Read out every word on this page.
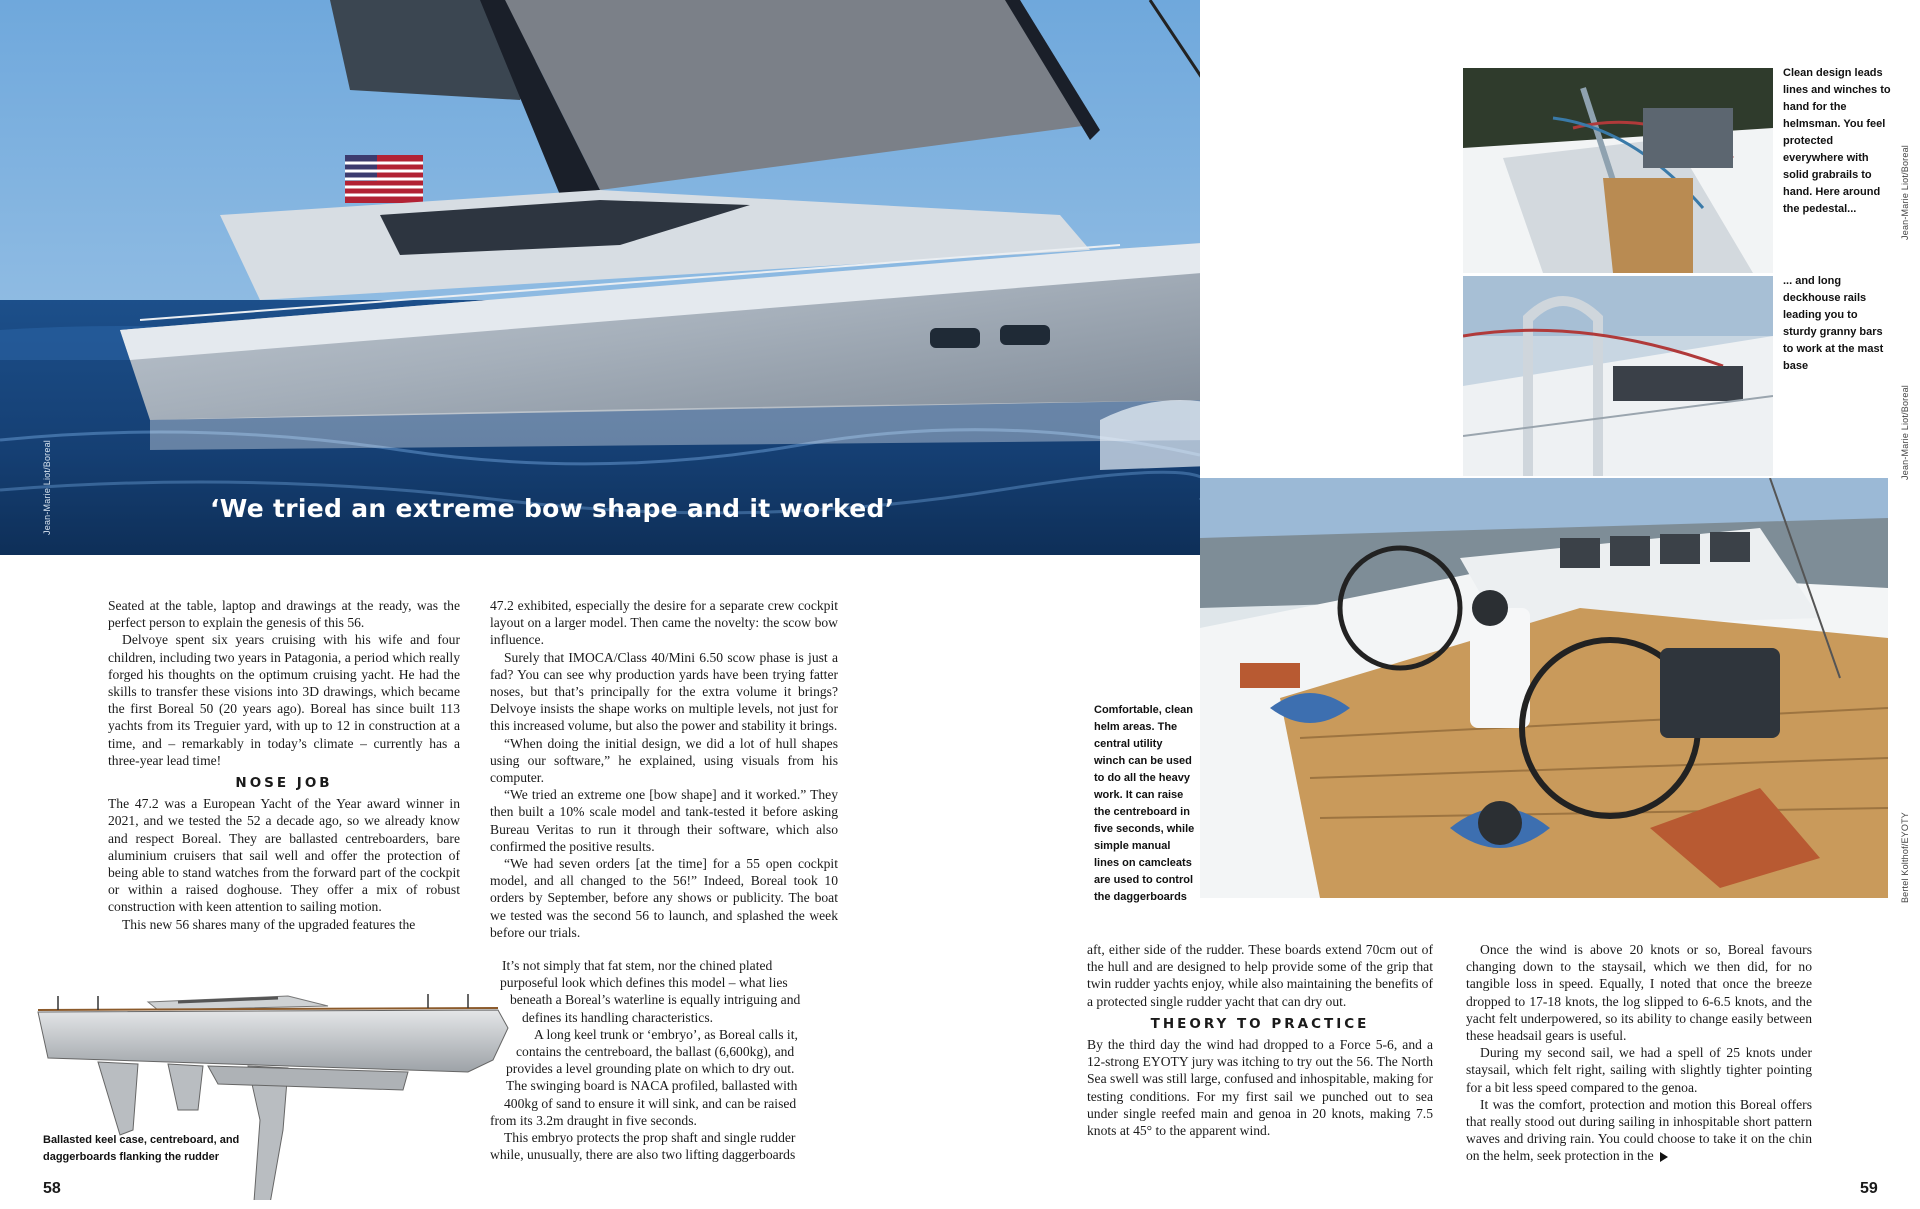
Jean-Marie Liot/Boreal	‘We tried an extreme bow shape and it worked’
Clean design leads lines and winches to hand for the helmsman. You feel protected everywhere with solid grabrails to hand. Here around the pedestal...	Jean-Marie Liot/Boreal
... and long deckhouse rails leading you to sturdy granny bars to work at the mast base
Jean-Marie Liot/Boreal
Comfortable, clean helm areas. The central utility winch can be used to do all the heavy work. It can raise the centreboard in five seconds, while simple manual lines on camcleats are used to control the daggerboards	Bertel Kolthof/EYOTY

Seated at the table, laptop and drawings at the ready, was the perfect person to explain the genesis of this 56.

Delvoye spent six years cruising with his wife and four children, including two years in Patagonia, a period which really forged his thoughts on the optimum cruising yacht. He had the skills to transfer these visions into 3D drawings, which became the first Boreal 50 (20 years ago). Boreal has since built 113 yachts from its Treguier yard, with up to 12 in construction at a time, and – remarkably in today’s climate – currently has a three-year lead time!

NOSE JOB

The 47.2 was a European Yacht of the Year award winner in 2021, and we tested the 52 a decade ago, so we already know and respect Boreal. They are ballasted centreboarders, bare aluminium cruisers that sail well and offer the protection of being able to stand watches from the forward part of the cockpit or within a raised doghouse. They offer a mix of robust construction with keen attention to sailing motion.

This new 56 shares many of the upgraded features the

47.2 exhibited, especially the desire for a separate crew cockpit layout on a larger model. Then came the novelty: the scow bow influence.

Surely that IMOCA/Class 40/Mini 6.50 scow phase is just a fad? You can see why production yards have been trying fatter noses, but that’s principally for the extra volume it brings? Delvoye insists the shape works on multiple levels, not just for this increased volume, but also the power and stability it brings.

“When doing the initial design, we did a lot of hull shapes using our software,” he explained, using visuals from his computer.

“We tried an extreme one [bow shape] and it worked.” They then built a 10% scale model and tank-tested it before asking Bureau Veritas to run it through their software, which also confirmed the positive results.

“We had seven orders [at the time] for a 55 open cockpit model, and all changed to the 56!” Indeed, Boreal took 10 orders by September, before any shows or publicity. The boat we tested was the second 56 to launch, and splashed the week before our trials.

It’s not simply that fat stem, nor the chined plated
purposeful look which defines this model – what lies
beneath a Boreal’s waterline is equally intriguing and
defines its handling characteristics.
A long keel trunk or ‘embryo’, as Boreal calls it,
contains the centreboard, the ballast (6,600kg), and
provides a level grounding plate on which to dry out.
The swinging board is NACA profiled, ballasted with
400kg of sand to ensure it will sink, and can be raised
from its 3.2m draught in five seconds.
This embryo protects the prop shaft and single rudder
while, unusually, there are also two lifting daggerboards
Ballasted keel case, centreboard, and daggerboards flanking the rudder

aft, either side of the rudder. These boards extend 70cm out of the hull and are designed to help provide some of the grip that twin rudder yachts enjoy, while also maintaining the benefits of a protected single rudder yacht that can dry out.

THEORY TO PRACTICE

By the third day the wind had dropped to a Force 5-6, and a 12-strong EYOTY jury was itching to try out the 56. The North Sea swell was still large, confused and inhospitable, making for testing conditions. For my first sail we punched out to sea under single reefed main and genoa in 20 knots, making 7.5 knots at 45° to the apparent wind.

Once the wind is above 20 knots or so, Boreal favours changing down to the staysail, which we then did, for no tangible loss in speed. Equally, I noted that once the breeze dropped to 17-18 knots, the log slipped to 6-6.5 knots, and the yacht felt underpowered, so its ability to change easily between these headsail gears is useful.

During my second sail, we had a spell of 25 knots under staysail, which felt right, sailing with slightly tighter pointing for a bit less speed compared to the genoa.

It was the comfort, protection and motion this Boreal offers that really stood out during sailing in inhospitable short pattern waves and driving rain. You could choose to take it on the chin on the helm, seek protection in the

58	59
